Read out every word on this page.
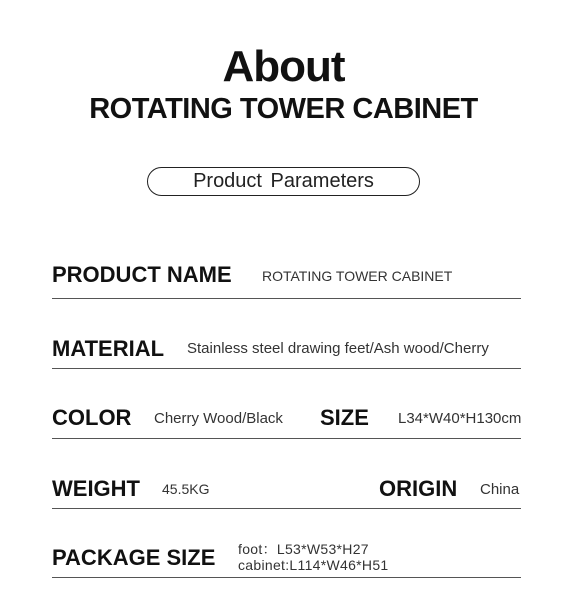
About
ROTATING TOWER CABINET
Product Parameters
PRODUCT NAME ROTATING TOWER CABINET
MATERIAL Stainless steel drawing feet/Ash wood/Cherry
COLOR Cherry Wood/Black SIZE L34*W40*H130cm
WEIGHT 45.5KG	ORIGIN China
PACKAGE SIZE foot：L53*W53*H27
cabinet:L114*W46*H51
